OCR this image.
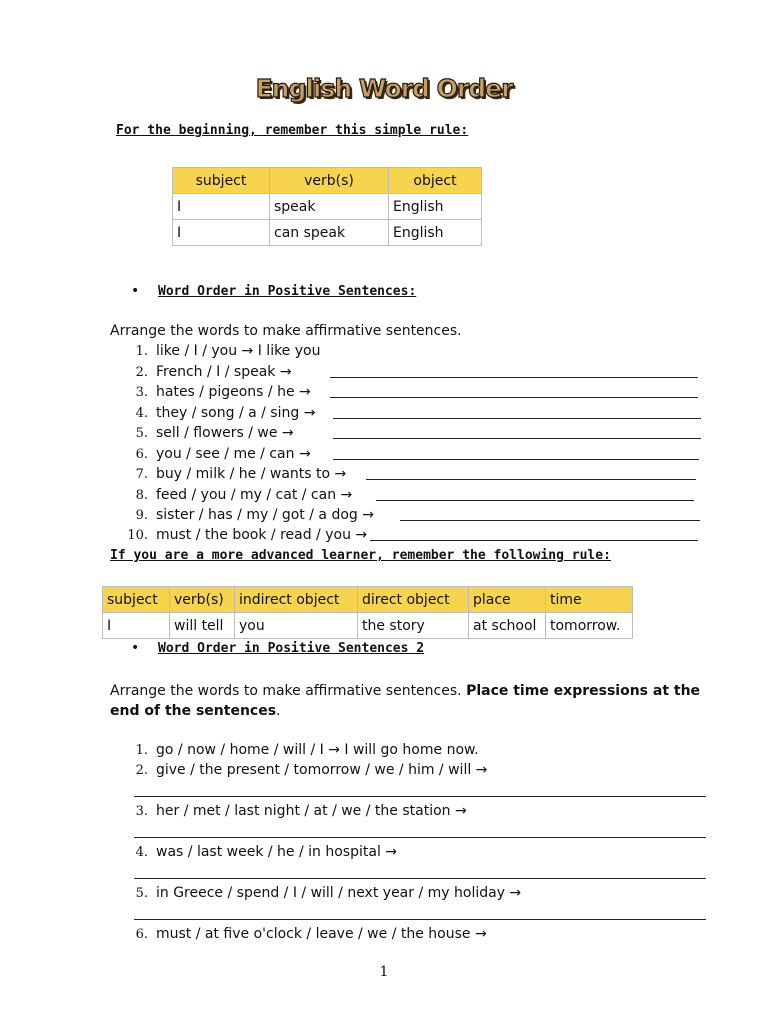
English Word Order
For the beginning, remember this simple rule:
subject	verb(s)	object
I	speak	English
I	can speak	English
• Word Order in Positive Sentences:
Arrange the words to make affirmative sentences.
1. like / I / you → I like you
2. French / I / speak →
3. hates / pigeons / he →
4. they / song / a / sing →
5. sell / flowers / we →
6. you / see / me / can →
7. buy / milk / he / wants to →
8. feed / you / my / cat / can →
9. sister / has / my / got / a dog →
10. must / the book / read / you →
If you are a more advanced learner, remember the following rule:
subject	verb(s)	indirect object	direct object	place	time
I	will tell	you	the story	at school	tomorrow.
• Word Order in Positive Sentences 2
Arrange the words to make affirmative sentences. Place time expressions at the end of the sentences.
1. go / now / home / will / I → I will go home now.
2. give / the present / tomorrow / we / him / will →
3. her / met / last night / at / we / the station →
4. was / last week / he / in hospital →
5. in Greece / spend / I / will / next year / my holiday →
6. must / at five o'clock / leave / we / the house →
1
